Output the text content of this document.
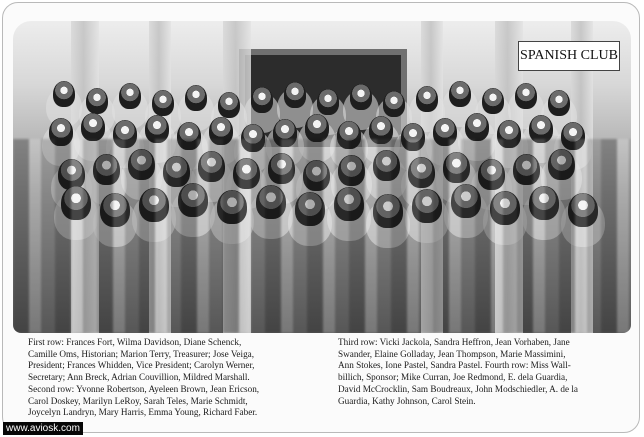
SPANISH CLUB
First row: Frances Fort, Wilma Davidson, Diane Schenck,
Camille Oms, Historian; Marion Terry, Treasurer; Jose Veiga,
President; Frances Whidden, Vice President; Carolyn Werner,
Secretary; Ann Breck, Adrian Couvillion, Mildred Marshall.
Second row: Yvonne Robertson, Ayeleen Brown, Jean Ericson,
Carol Doskey, Marilyn LeRoy, Sarah Teles, Marie Schmidt,
Joycelyn Landryn, Mary Harris, Emma Young, Richard Faber.
Third row: Vicki Jackola, Sandra Heffron, Jean Vorhaben, Jane
Swander, Elaine Golladay, Jean Thompson, Marie Massimini,
Ann Stokes, Ione Pastel, Sandra Pastel. Fourth row: Miss Wall-
billich, Sponsor; Mike Curran, Joe Redmond, E. dela Guardia,
David McCrocklin, Sam Boudreaux, John Modschiedler, A. de la
Guardia, Kathy Johnson, Carol Stein.
www.aviosk.com
